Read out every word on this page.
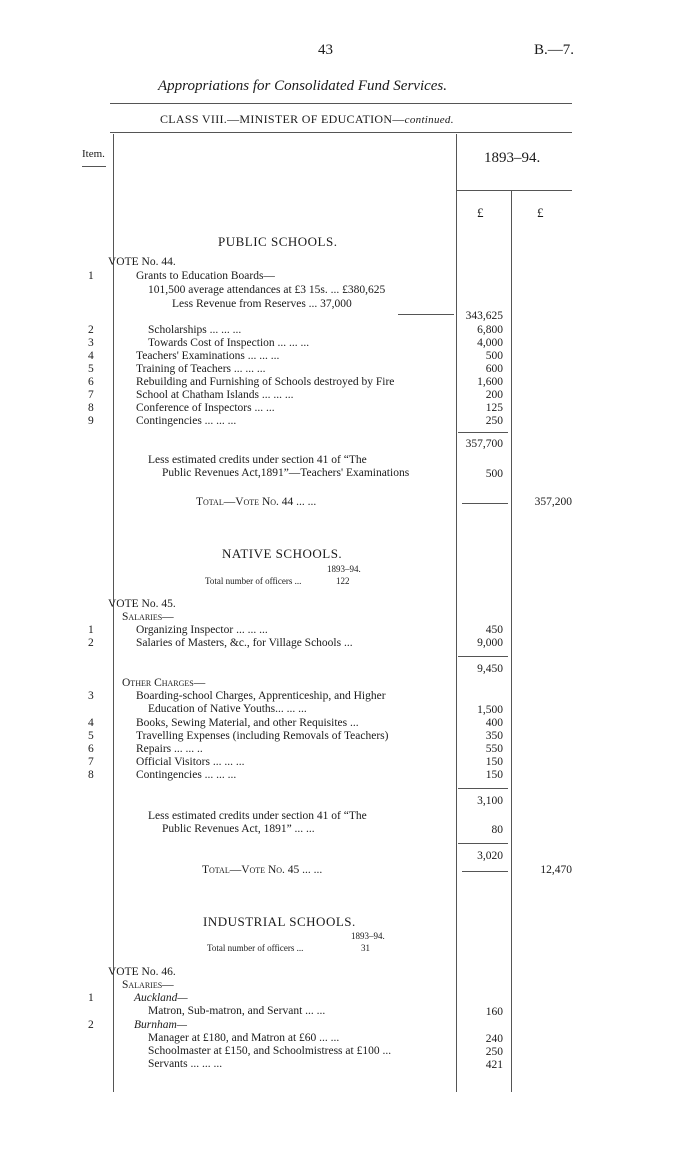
43	B.—7.
Appropriations for Consolidated Fund Services.
CLASS VIII.—MINISTER OF EDUCATION—continued.
Item.	1893–94.
£	£
PUBLIC SCHOOLS.
VOTE No. 44.
1	Grants to Education Boards—
101,500 average attendances at £3 15s. ... £380,625
Less Revenue from Reserves ... 37,000
343,625
2	Scholarships ... ... ...	6,800
3	Towards Cost of Inspection ... ... ...	4,000
4	Teachers' Examinations ... ... ...	500
5	Training of Teachers ... ... ...	600
6	Rebuilding and Furnishing of Schools destroyed by Fire	1,600
7	School at Chatham Islands ... ... ...	200
8	Conference of Inspectors ... ...	125
9	Contingencies ... ... ...	250
357,700
Less estimated credits under section 41 of “The
Public Revenues Act,1891”—Teachers' Examinations	500
Total—Vote No. 44 ... ...	357,200
NATIVE SCHOOLS.
1893–94.
Total number of officers ...	122
VOTE No. 45.
Salaries—
1	Organizing Inspector ... ... ...	450
2	Salaries of Masters, &c., for Village Schools ...	9,000
9,450
Other Charges—
3	Boarding-school Charges, Apprenticeship, and Higher
Education of Native Youths... ... ...	1,500
4	Books, Sewing Material, and other Requisites ...	400
5	Travelling Expenses (including Removals of Teachers)	350
6	Repairs ... ... ..	550
7	Official Visitors ... ... ...	150
8	Contingencies ... ... ...	150
3,100
Less estimated credits under section 41 of “The
Public Revenues Act, 1891” ... ...	80
3,020
Total—Vote No. 45 ... ...	12,470
INDUSTRIAL SCHOOLS.
1893–94.
Total number of officers ...	31
VOTE No. 46.
Salaries—
1	Auckland—
Matron, Sub-matron, and Servant ... ...	160
2	Burnham—
Manager at £180, and Matron at £60 ... ...	240
Schoolmaster at £150, and Schoolmistress at £100 ...	250
Servants ... ... ...	421
